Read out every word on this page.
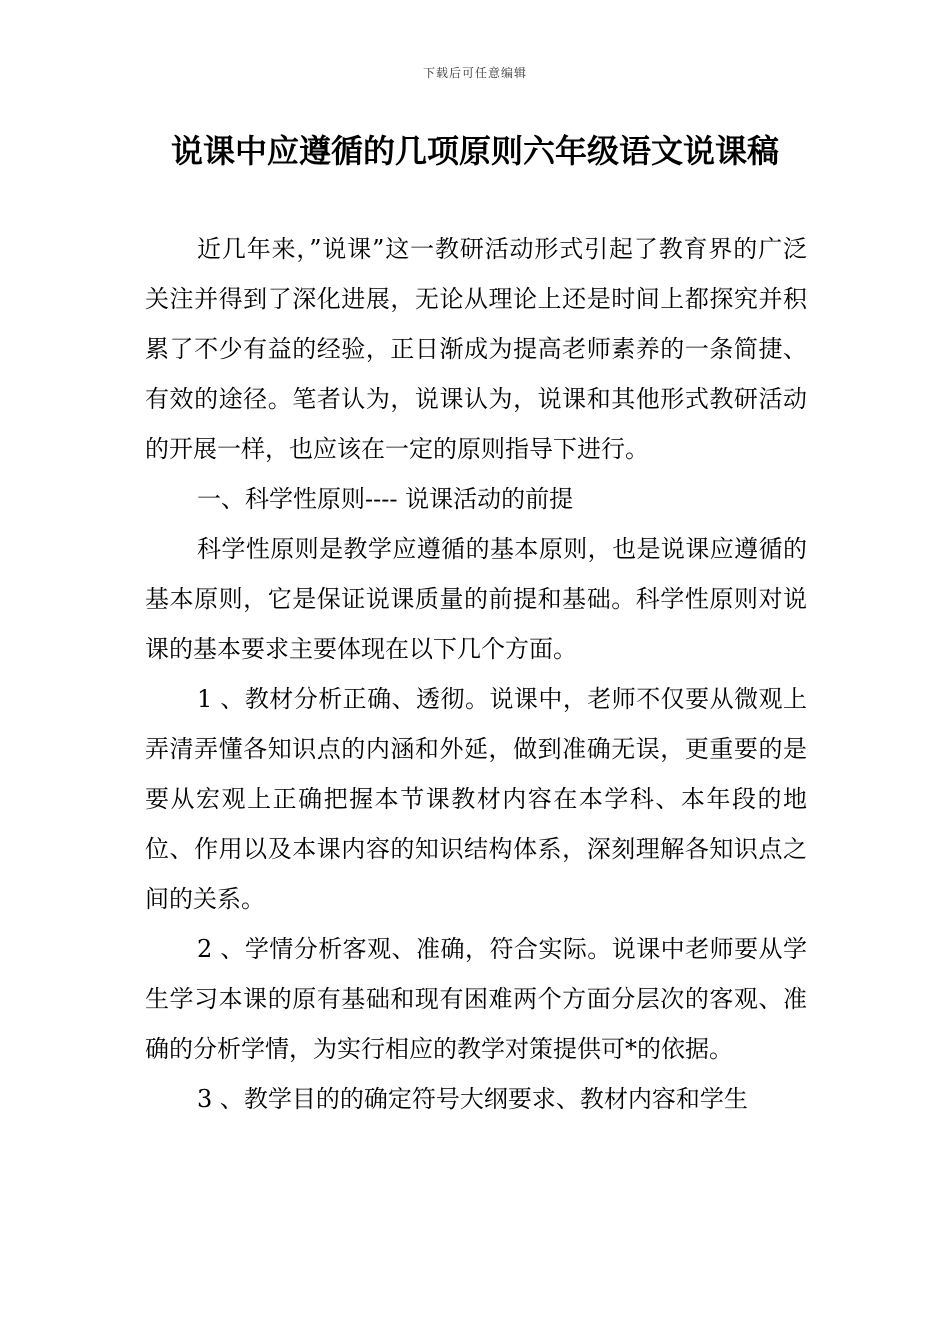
下载后可任意编辑
说课中应遵循的几项原则六年级语文说课稿

近几年来，”说课”这一教研活动形式引起了教育界的广泛关注并得到了深化进展，无论从理论上还是时间上都探究并积累了不少有益的经验，正日渐成为提高老师素养的一条简捷、有效的途径。笔者认为，说课认为，说课和其他形式教研活动的开展一样，也应该在一定的原则指导下进行。

一、科学性原则---- 说课活动的前提

科学性原则是教学应遵循的基本原则，也是说课应遵循的基本原则，它是保证说课质量的前提和基础。科学性原则对说课的基本要求主要体现在以下几个方面。

1 、教材分析正确、透彻。说课中，老师不仅要从微观上弄清弄懂各知识点的内涵和外延，做到准确无误，更重要的是要从宏观上正确把握本节课教材内容在本学科、本年段的地位、作用以及本课内容的知识结构体系，深刻理解各知识点之间的关系。

2 、学情分析客观、准确，符合实际。说课中老师要从学生学习本课的原有基础和现有困难两个方面分层次的客观、准确的分析学情，为实行相应的教学对策提供可*的依据。

3 、教学目的的确定符号大纲要求、教材内容和学生
